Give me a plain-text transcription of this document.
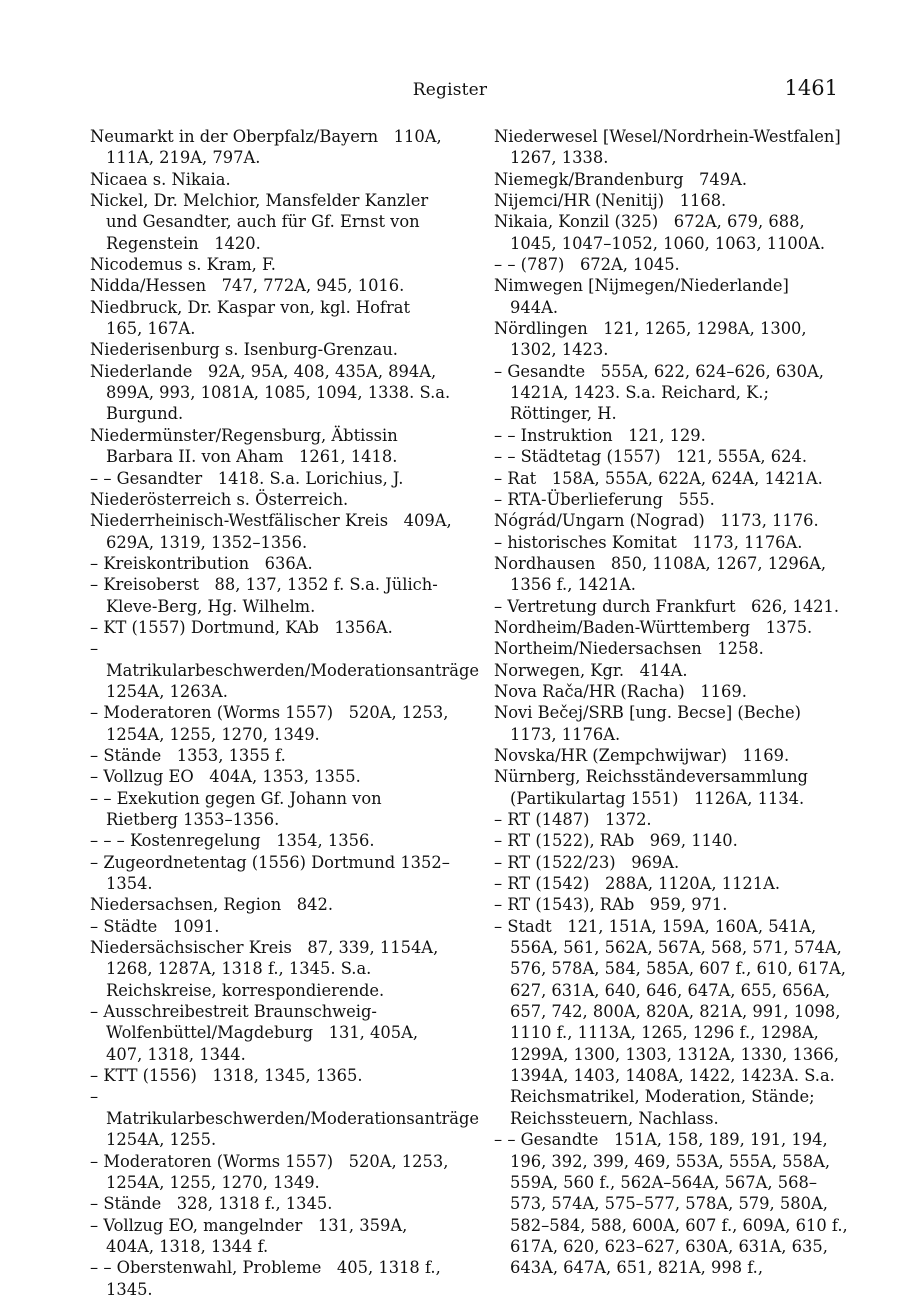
Register	1461
Neumarkt in der Oberpfalz/Bayern   110A, 111A, 219A, 797A.
Nicaea s. Nikaia.
Nickel, Dr. Melchior, Mansfelder Kanzler und Gesandter, auch für Gf. Ernst von Regenstein   1420.
Nicodemus s. Kram, F.
Nidda/Hessen   747, 772A, 945, 1016.
Niedbruck, Dr. Kaspar von, kgl. Hofrat   165, 167A.
Niederisenburg s. Isenburg-Grenzau.
Niederlande   92A, 95A, 408, 435A, 894A, 899A, 993, 1081A, 1085, 1094, 1338. S.a. Burgund.
Niedermünster/Regensburg, Äbtissin Barbara II. von Aham   1261, 1418.
– – Gesandter   1418. S.a. Lorichius, J.
Niederösterreich s. Österreich.
Niederrheinisch-Westfälischer Kreis   409A, 629A, 1319, 1352–1356.
– Kreiskontribution   636A.
– Kreisoberst   88, 137, 1352 f. S.a. Jülich-Kleve-Berg, Hg. Wilhelm.
– KT (1557) Dortmund, KAb   1356A.
– Matrikularbeschwerden/Moderationsanträge 1254A, 1263A.
– Moderatoren (Worms 1557)   520A, 1253, 1254A, 1255, 1270, 1349.
– Stände   1353, 1355 f.
– Vollzug EO   404A, 1353, 1355.
– – Exekution gegen Gf. Johann von Rietberg 1353–1356.
– – – Kostenregelung   1354, 1356.
– Zugeordnetentag (1556) Dortmund 1352–1354.
Niedersachsen, Region   842.
– Städte   1091.
Niedersächsischer Kreis   87, 339, 1154A, 1268, 1287A, 1318 f., 1345. S.a. Reichskreise, korrespondierende.
– Ausschreibestreit Braunschweig-Wolfenbüttel/Magdeburg   131, 405A, 407, 1318, 1344.
– KTT (1556)   1318, 1345, 1365.
– Matrikularbeschwerden/Moderationsanträge 1254A, 1255.
– Moderatoren (Worms 1557)   520A, 1253, 1254A, 1255, 1270, 1349.
– Stände   328, 1318 f., 1345.
– Vollzug EO, mangelnder   131, 359A, 404A, 1318, 1344 f.
– – Oberstenwahl, Probleme   405, 1318 f., 1345.
Niederwesel [Wesel/Nordrhein-Westfalen] 1267, 1338.
Niemegk/Brandenburg   749A.
Nijemci/HR (Nenitij)   1168.
Nikaia, Konzil (325)   672A, 679, 688, 1045, 1047–1052, 1060, 1063, 1100A.
– – (787)   672A, 1045.
Nimwegen [Nijmegen/Niederlande]   944A.
Nördlingen   121, 1265, 1298A, 1300, 1302, 1423.
– Gesandte   555A, 622, 624–626, 630A, 1421A, 1423. S.a. Reichard, K.; Röttinger, H.
– – Instruktion   121, 129.
– – Städtetag (1557)   121, 555A, 624.
– Rat   158A, 555A, 622A, 624A, 1421A.
– RTA-Überlieferung   555.
Nógrád/Ungarn (Nograd)   1173, 1176.
– historisches Komitat   1173, 1176A.
Nordhausen   850, 1108A, 1267, 1296A, 1356 f., 1421A.
– Vertretung durch Frankfurt   626, 1421.
Nordheim/Baden-Württemberg   1375.
Northeim/Niedersachsen   1258.
Norwegen, Kgr.   414A.
Nova Rača/HR (Racha)   1169.
Novi Bečej/SRB [ung. Becse] (Beche)   1173, 1176A.
Novska/HR (Zempchwijwar)   1169.
Nürnberg, Reichsständeversammlung (Partikulartag 1551)   1126A, 1134.
– RT (1487)   1372.
– RT (1522), RAb   969, 1140.
– RT (1522/23)   969A.
– RT (1542)   288A, 1120A, 1121A.
– RT (1543), RAb   959, 971.
– Stadt   121, 151A, 159A, 160A, 541A, 556A, 561, 562A, 567A, 568, 571, 574A, 576, 578A, 584, 585A, 607 f., 610, 617A, 627, 631A, 640, 646, 647A, 655, 656A, 657, 742, 800A, 820A, 821A, 991, 1098, 1110 f., 1113A, 1265, 1296 f., 1298A, 1299A, 1300, 1303, 1312A, 1330, 1366, 1394A, 1403, 1408A, 1422, 1423A. S.a. Reichsmatrikel, Moderation, Stände; Reichssteuern, Nachlass.
– – Gesandte   151A, 158, 189, 191, 194, 196, 392, 399, 469, 553A, 555A, 558A, 559A, 560 f., 562A–564A, 567A, 568–573, 574A, 575–577, 578A, 579, 580A, 582–584, 588, 600A, 607 f., 609A, 610 f., 617A, 620, 623–627, 630A, 631A, 635, 643A, 647A, 651, 821A, 998 f.,
